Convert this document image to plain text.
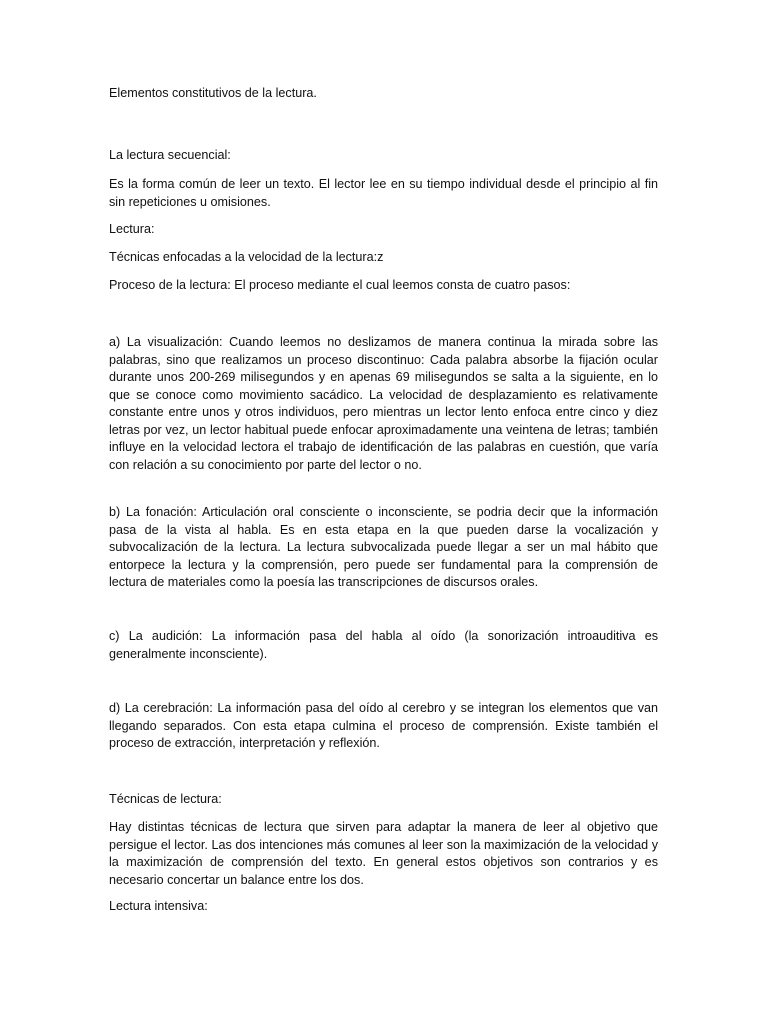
Elementos constitutivos de la lectura.

La lectura secuencial:

Es la forma común de leer un texto. El lector lee en su tiempo individual desde el principio al fin sin repeticiones u omisiones.

Lectura:

Técnicas enfocadas a la velocidad de la lectura:z

Proceso de la lectura: El proceso mediante el cual leemos consta de cuatro pasos:

a) La visualización: Cuando leemos no deslizamos de manera continua la mirada sobre las palabras, sino que realizamos un proceso discontinuo: Cada palabra absorbe la fijación ocular durante unos 200-269 milisegundos y en apenas 69 milisegundos se salta a la siguiente, en lo que se conoce como movimiento sacádico. La velocidad de desplazamiento es relativamente constante entre unos y otros individuos, pero mientras un lector lento enfoca entre cinco y diez letras por vez, un lector habitual puede enfocar aproximadamente una veintena de letras; también influye en la velocidad lectora el trabajo de identificación de las palabras en cuestión, que varía con relación a su conocimiento por parte del lector o no.

b) La fonación: Articulación oral consciente o inconsciente, se podria decir que la información pasa de la vista al habla. Es en esta etapa en la que pueden darse la vocalización y subvocalización de la lectura. La lectura subvocalizada puede llegar a ser un mal hábito que entorpece la lectura y la comprensión, pero puede ser fundamental para la comprensión de lectura de materiales como la poesía las transcripciones de discursos orales.

c) La audición: La información pasa del habla al oído (la sonorización introauditiva es generalmente inconsciente).

d) La cerebración: La información pasa del oído al cerebro y se integran los elementos que van llegando separados. Con esta etapa culmina el proceso de comprensión. Existe también el proceso de extracción, interpretación y reflexión.

Técnicas de lectura:

Hay distintas técnicas de lectura que sirven para adaptar la manera de leer al objetivo que persigue el lector. Las dos intenciones más comunes al leer son la maximización de la velocidad y la maximización de comprensión del texto. En general estos objetivos son contrarios y es necesario concertar un balance entre los dos.

Lectura intensiva:
